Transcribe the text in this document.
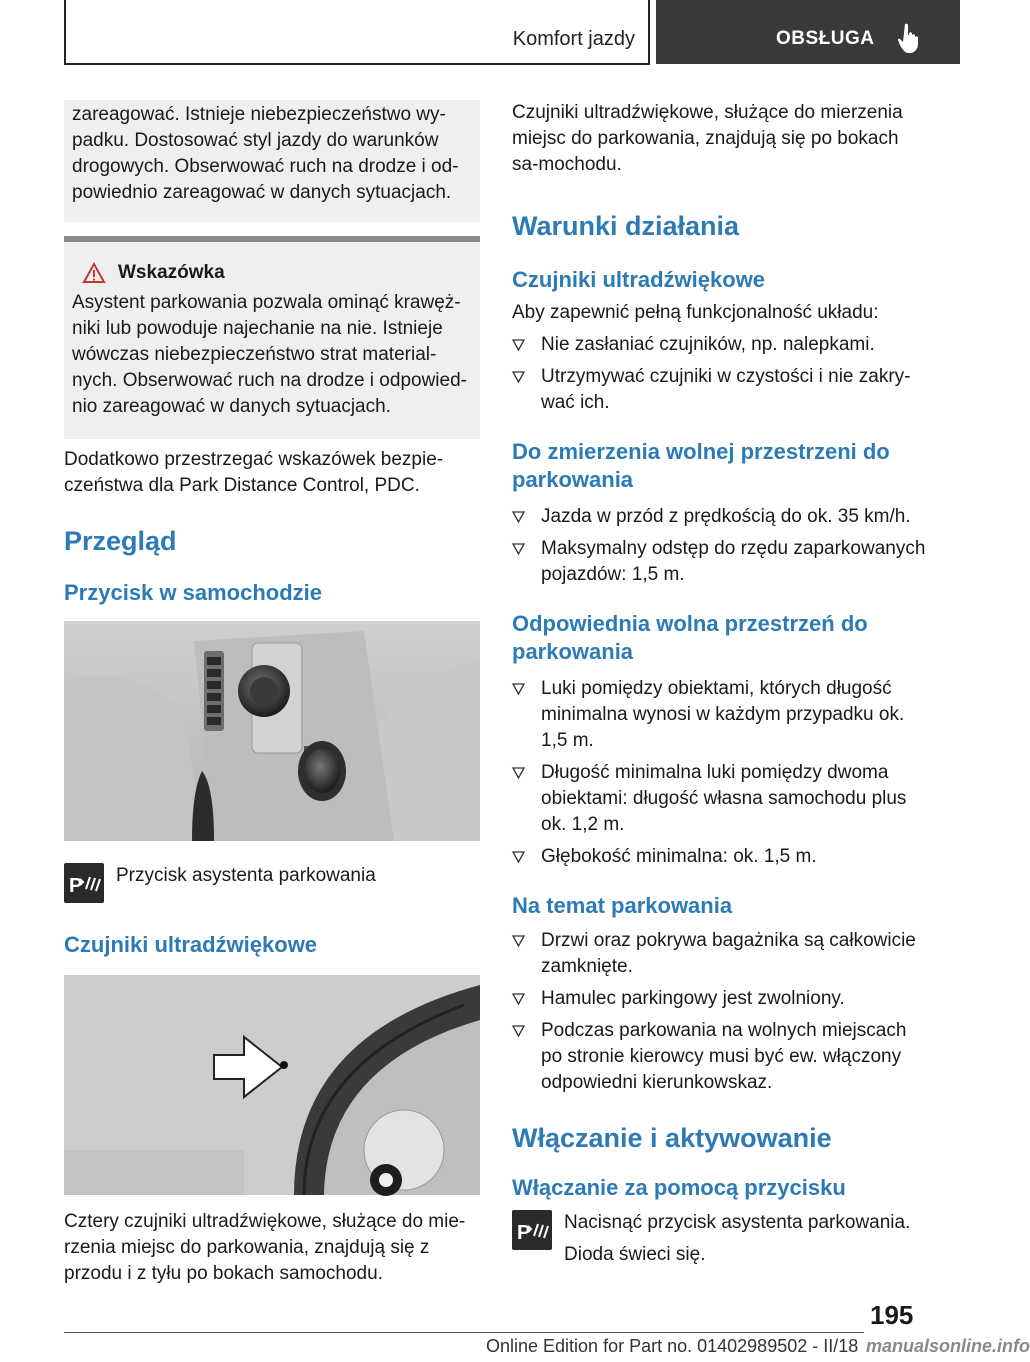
Komfort jazdy	OBSŁUGA

zareagować. Istnieje niebezpieczeństwo wy‐padku. Dostosować styl jazdy do warunków drogowych. Obserwować ruch na drodze i od‐powiednio zareagować w danych sytuacjach.

Wskazówka

Asystent parkowania pozwala ominąć krawęż‐niki lub powoduje najechanie na nie. Istnieje wówczas niebezpieczeństwo strat material‐nych. Obserwować ruch na drodze i odpowied‐nio zareagować w danych sytuacjach.

Dodatkowo przestrzegać wskazówek bezpie‐czeństwa dla Park Distance Control, PDC.

Przegląd
Przycisk w samochodzie
P Przycisk asystenta parkowania

Czujniki ultradźwiękowe

Cztery czujniki ultradźwiękowe, służące do mie‐rzenia miejsc do parkowania, znajdują się z przodu i z tyłu po bokach samochodu.

Czujniki ultradźwiękowe, służące do mierzenia miejsc do parkowania, znajdują się po bokach sa‐mochodu.

Warunki działania
Czujniki ultradźwiękowe

Aby zapewnić pełną funkcjonalność układu:

Nie zasłaniać czujników, np. nalepkami.
Utrzymywać czujniki w czystości i nie zakry‐wać ich.
Do zmierzenia wolnej przestrzeni do parkowania
Jazda w przód z prędkością do ok. 35 km/h.
Maksymalny odstęp do rzędu zaparkowanych pojazdów: 1,5 m.
Odpowiednia wolna przestrzeń do parkowania
Luki pomiędzy obiektami, których długość minimalna wynosi w każdym przypadku ok. 1,5 m.
Długość minimalna luki pomiędzy dwoma obiektami: długość własna samochodu plus ok. 1,2 m.
Głębokość minimalna: ok. 1,5 m.
Na temat parkowania
Drzwi oraz pokrywa bagażnika są całkowicie zamknięte.
Hamulec parkingowy jest zwolniony.
Podczas parkowania na wolnych miejscach po stronie kierowcy musi być ew. włączony odpowiedni kierunkowskaz.
Włączanie i aktywowanie
Włączanie za pomocą przycisku
P Nacisnąć przycisk asystenta parkowania.

Dioda świeci się.

195
Online Edition for Part no. 01402989502 - II/18 manualsonline.info
